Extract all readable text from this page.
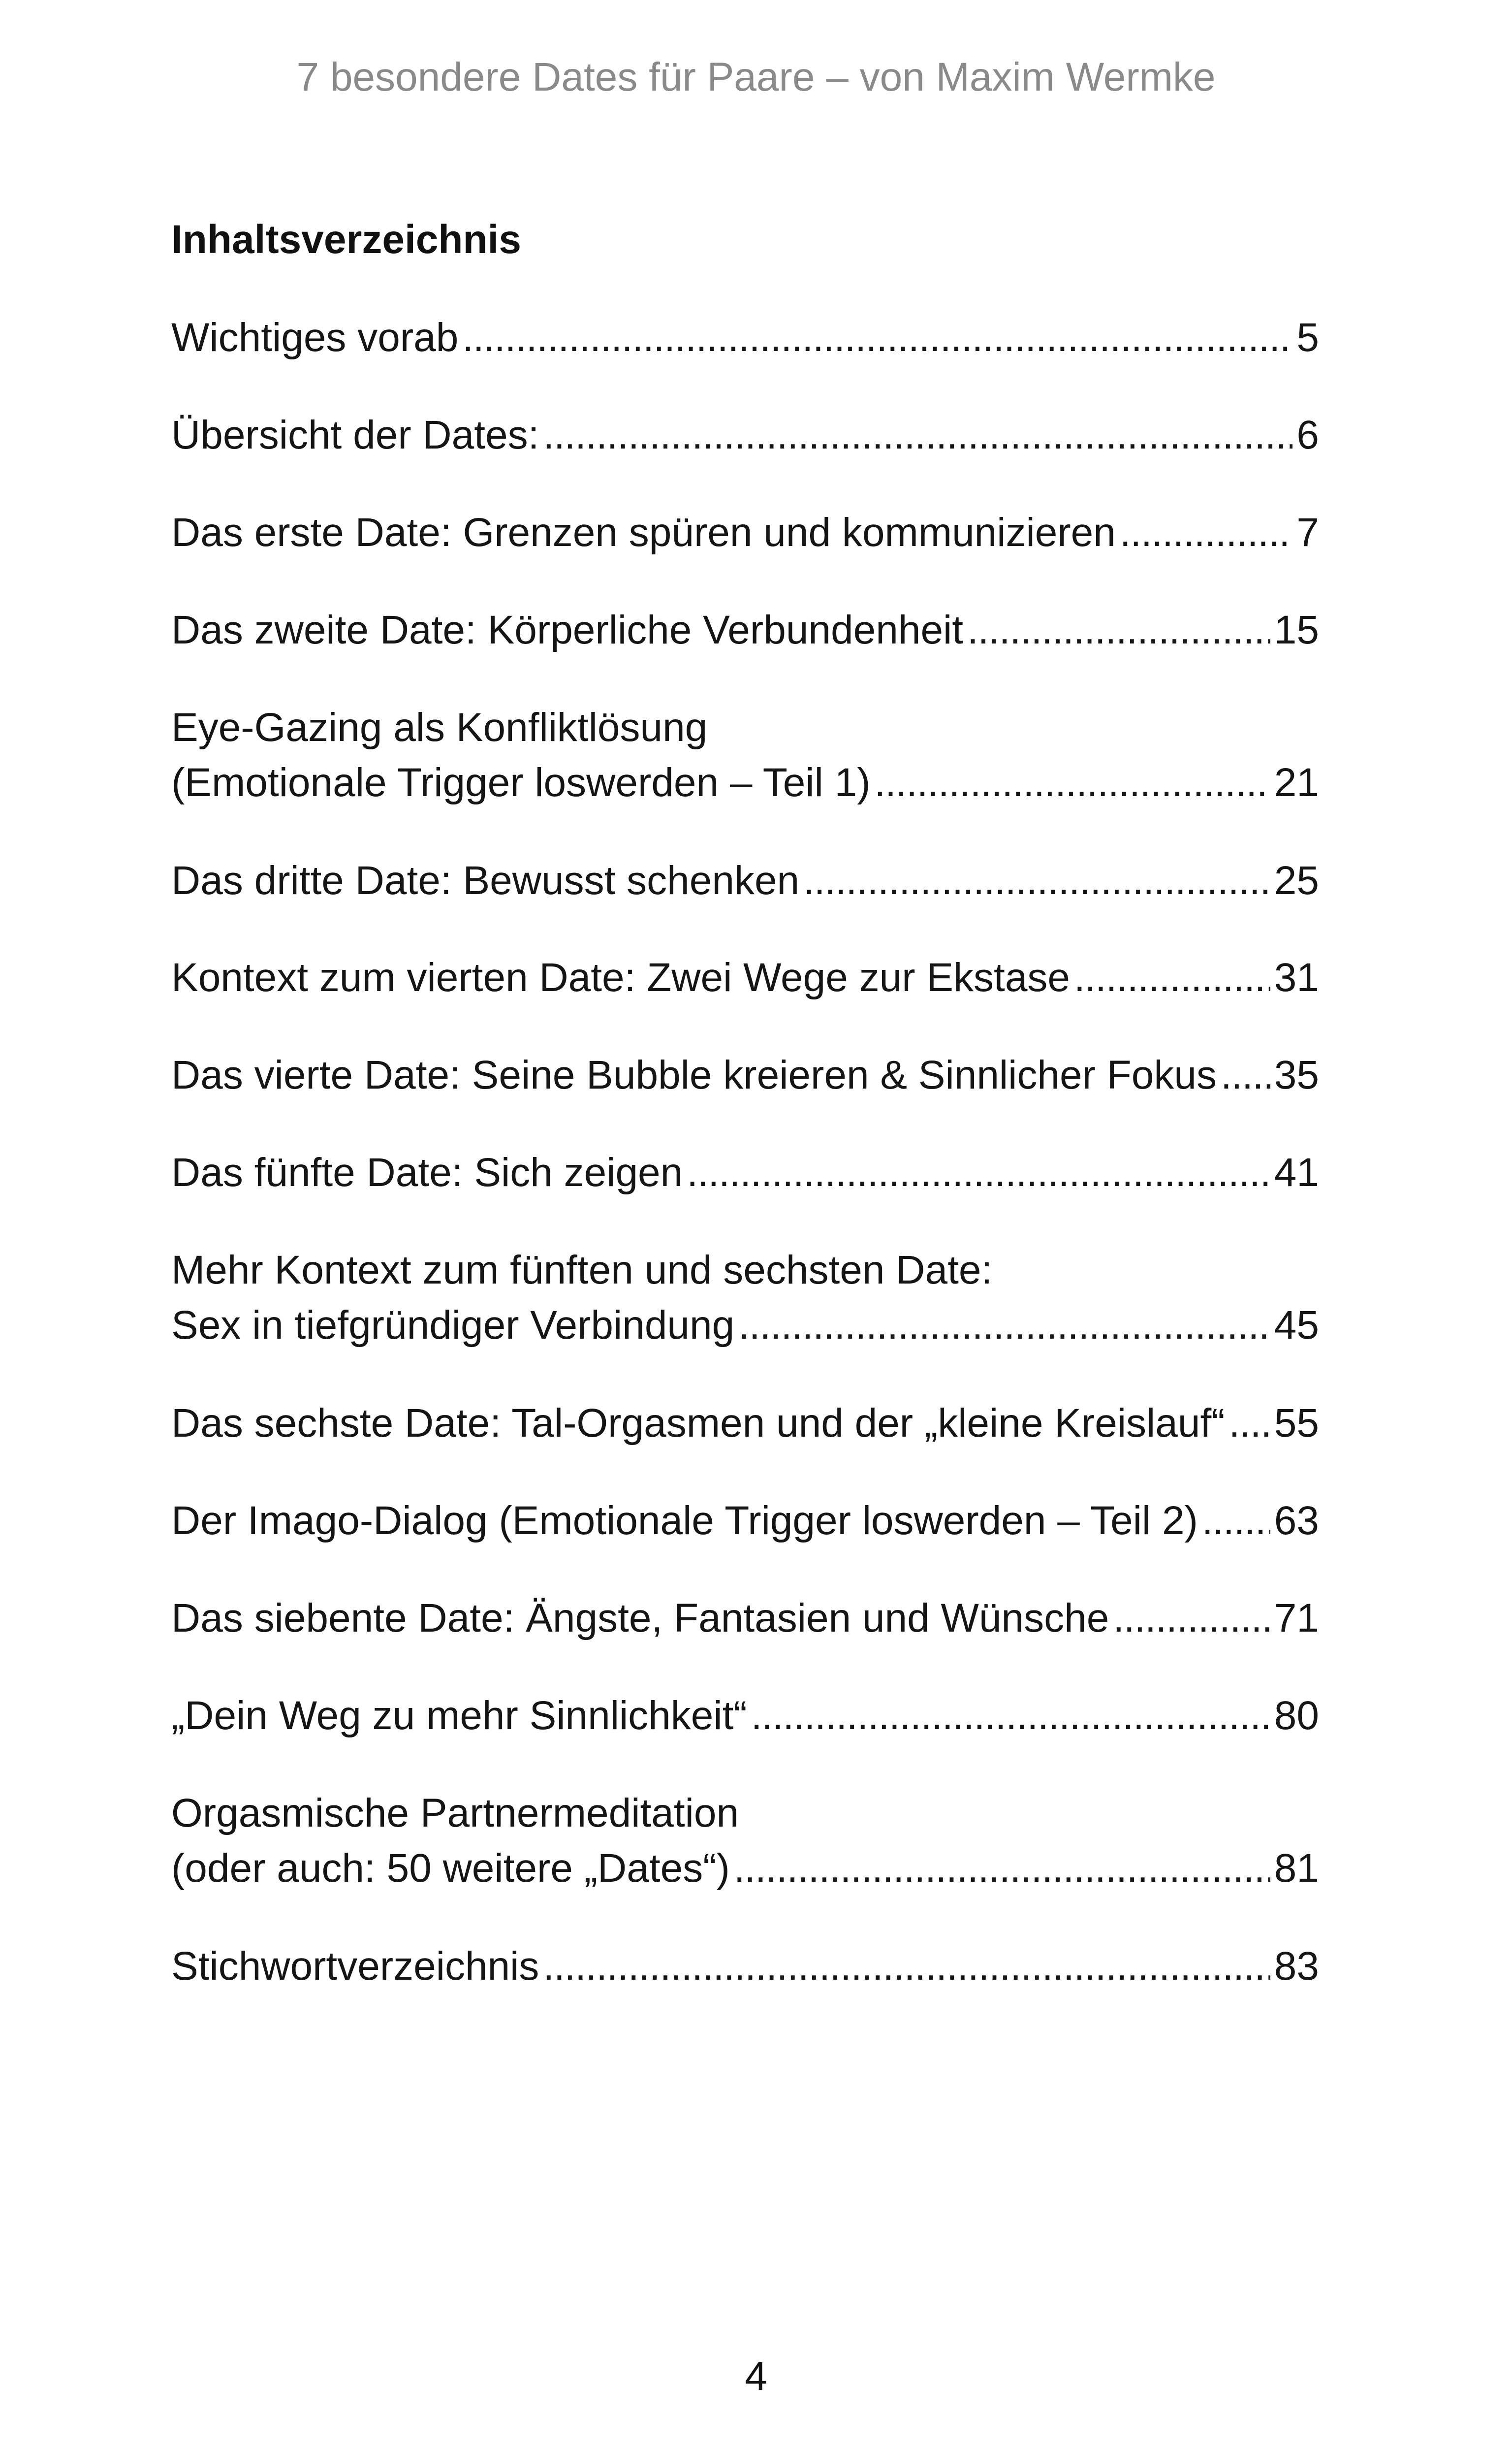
7 besondere Dates für Paare – von Maxim Wermke
Inhaltsverzeichnis
Wichtiges vorab . . .	5
Übersicht der Dates: . . .	6
Das erste Date: Grenzen spüren und kommunizieren . . .	7
Das zweite Date: Körperliche Verbundenheit . . .	15
Eye-Gazing als Konfliktlösung
(Emotionale Trigger loswerden – Teil 1) . . .	21
Das dritte Date: Bewusst schenken . . .	25
Kontext zum vierten Date: Zwei Wege zur Ekstase . . .	31
Das vierte Date: Seine Bubble kreieren & Sinnlicher Fokus . . . 35
Das fünfte Date: Sich zeigen . . .	41
Mehr Kontext zum fünften und sechsten Date:
Sex in tiefgründiger Verbindung . . .	45
Das sechste Date: Tal-Orgasmen und der „kleine Kreislauf“ . . . 55
Der Imago-Dialog (Emotionale Trigger loswerden – Teil 2) . . . 63
Das siebente Date: Ängste, Fantasien und Wünsche . . .	71
„Dein Weg zu mehr Sinnlichkeit“ . . .	80
Orgasmische Partnermeditation
(oder auch: 50 weitere „Dates“) . . .	81
Stichwortverzeichnis . . .	83
4
